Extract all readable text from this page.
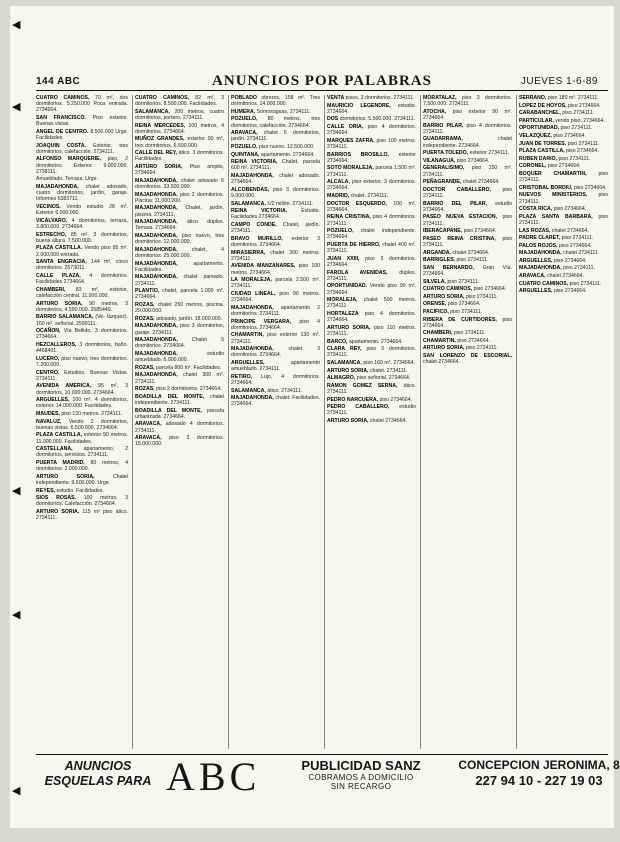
◀
◀
◀
◀
◀
144 ABC	ANUNCIOS POR PALABRAS	JUEVES 1-6-89

CUATRO CAMINOS, 70 m², dos dormitorios. 5.250.000 Poca entrada. 2734664.

SAN FRANCISCO. Piso exterior. Buenas vistas.

ANGEL DE CENTRO. 8.500.000 Urge. Facilidades.

JOAQUIN COSTA. Exterior, tres dormitorios, calefacción. 2734111.

ALFONSO MARQUERIE, piso, 2 dormitorios. Exterior. 9.000.000. 2738111.

Amueblado. Terraza. Urge.

MAJADAHONDA, chalet adosado, cuatro dormitorios, jardín, garaje. Informes 6383711.

VECINOS. Vendo estudio 28 m². Exterior 6.000.000.

VICÁLVARO, 4 dormitorios, terraza, 3.800.000. 2734664.

ESTRECHO, 85 m², 3 dormitorios, buena altura. 7.500.000.

PLAZA CASTILLA. Vendo piso 95 m². 2.000.000 entrada.

SANTA ENGRACIA, 144 m², cinco dormitorios. 2573011.

CALLE PLAZA, 4 dormitorios. Facilidades 2734664.

CHAMBERI, 83 m², exterior, calefacción central. 11.000.000.

ARTURO SORIA, 90 metros, 3 dormitorios, 4.590.000. 2585449.

BARRIO SALAMANCA, (Ve- lázquez). 160 m², señorial. 2590111.

OCAÑON, Vía Bellido, 3 dormitorios. 2734664.

HEZCALLEROS, 3 dormitorios, baño. 4468401.

LUCERO, piso nuevo, tres dormitorios. 7.200.000.

CENTRO. Estudios. Buenas Vistas. 2734111.

AVENIDA AMERICA, 95 m², 3 dormitorios, 10.000.000. 2734664.

ARGUELLES, 100 m², 4 dormitorios, exterior. 14.000.000. Facilidades.

MAUDES, piso 120 metros. 2734111.

NAVALUZ, Vendo 2 dormitorios, buenas vistas. 6.500.000. 2734664.

PLAZA CASTILLA, exterior 90 metros. 11.000.000. Facilidades.

CASTELLANA, apartamento, 2 dormitorios, servicios. 2734111.

PUERTA MADRID, 80 metros, 4 dormitorios. 2.000.000.

ARTURO SORIA,	Chalet independiente. 9.500.000. Urge.

REYES, estudio. Facilidades.

SIOS ROSAS, 100 metros, 3 dormitorios. Calefacción. 2734664.

ARTURO SORIA, 115 m² piso ático. 2734111.

CUATRO CAMINOS, 82 m², 3 dormitorios, 8.500.000. Facilidades.

SALAMANCA, 200 metros, cuatro dormitorios, portero. 2734111.

REINA MERCEDES, 100 metros, 4 dormitorios. 2734664.

MUÑOZ GRANDES, exterior 90 m², tres dormitorios. 6.500.000.

CALLE DEL REY, ático. 3 dormitorios. Facilidades.

ARTURO SORIA, Piso amplio, 2734664.

MAJADAHONDA, chalet adosado 6 dormitorios. 33.500.000.

MAJADAHONDA, piso 2 dormitorios. Piscina. 11.000.000.

MAJADAHONDA, Chalet, jardín, piscina. 2734111.

MAJADAHONDA, ático dúplex. Terraza. 2734664.

MAJADAHONDA, piso nuevo, tres dormitorios. 12.000.000.

MAJADAHONDA,	chalet, 4 dormitorios. 25.000.000.

MAJADAHONDA,	apartamento. Facilidades.

MAJADAHONDA, chalet pareado. 2734111.

PLANTIO, chalet, parcela 1.000 m². 2734664.

ROZAS, chalet 250 metros, piscina. 29.000.000.

ROZAS, adosado, jardín. 18.000.000.

MAJADAHONDA, piso 3 dormitorios, garaje. 2734111.

MAJADAHONDA,	Chalet 5 dormitorios. 2734664.

MAJADAHONDA,	estudio amueblado. 6.000.000.

ROZAS, parcela 800 m². Facilidades.

MAJADAHONDA, chalet 300 m². 2734111.

ROZAS, piso 2 dormitorios. 2734664.

BOADILLA DEL MONTE, chalet independiente. 2734111.

BOADILLA DEL MONTE, parcela urbanizada. 2734664.

ARAVACA, adosado 4 dormitorios. 2734111.

ARAVACA, piso 3 dormitorios. 15.000.000.

POBLADO obreros, 158 m². Tres dormitorios. 14.000.000.

HUMERA. Somosaguas, 2734111.

POZUELO, 80 metros, tres dormitorios, calefacción. 2734664.

ARAVACA, chalet 5 dormitorios, jardín. 2734111.

POZUELO, piso nuevo. 12.500.000.

QUINTANA, apartamento. 2734664.

REINA VICTORIA, Chalet, parcela 600 m². 2734111.

MAJADAHONDA, chalet adosado. 2734664.

ALCOBENDAS, piso 3 dormitorios. 9.000.000.

SALAMANCA, 1/2 millón. 2734111.

REINA VICTORIA,	Estudio. Facilidades 2734664.

CAMPO CONDE, Chalet, jardín. 2734111.

BRAVO MURILLO, exterior 3 dormitorios. 2734664.

MIRASIERRA, chalet 300 metros. 2734111.

AVENIDA MANZANARES, piso 100 metros. 2734664.

LA MORALEJA, parcela 2.500 m². 2734111.

CIUDAD LINEAL, piso 90 metros. 2734664.

MAJADAHONDA, apartamento 2 dormitorios. 2734111.

PRINCIPE VERGARA, piso 4 dormitorios. 2734664.

CHAMARTIN, piso exterior 130 m². 2734111.

MAJADAHONDA,	chalet 3 dormitorios. 2734664.

ARGUELLES,	apartamento amueblado. 2734111.

RETIRO, Lujo, 4 dormitorios. 2734664.

SALAMANCA, ático. 2734111.

MAJADAHONDA, chalet. Facilidades. 2734664.

VENTA pisos, 3 dormitorios. 2734111.

MAURICIO LEGENDRE, estudio. 2734664.

DOS dormitorios. 5.500.000. 2734111.

CALLE ORIA, piso 4 dormitorios. 2734664.

MARQUES ZAFRA, piso 100 metros. 2734111.

BARRIOS BROSILLO, exterior 2734664.

SOTO MORALEJA, parcela 1.500 m². 2734111.

ALCALA, piso exterior, 3 dormitorios. 2734664.

MADRID, chalet. 2734111.

DOCTOR ESQUERDO, 100 m². 2734664.

REINA CRISTINA, piso 4 dormitorios. 2734111.

POZUELO, chalet independiente. 2734664.

PUERTA DE HIERRO, chalet 400 m². 2734111.

JUAN XXIII, piso 3 dormitorios. 2734664.

FAROLA AVENIDAS, dúplex. 2734111.

OPORTUNIDAD. Vendo piso 90 m². 2734664.

MORALEJA, chalet 500 metros. 2734111.

HORTALEZA piso 4 dormitorios. 2734664.

ARTURO SORIA, piso 110 metros. 2734111.

BARCO, apartamento. 2734664.

CLARA REY, piso 3 dormitorios. 2734111.

SALAMANCA, piso 160 m². 2734664.

ARTURO SORIA, chalet. 2734111.

ALMAGRO, piso señorial. 2734664.

RAMON GOMEZ SERNA, ático. 2734111.

PEDRO NARCUERA, piso 2734664.

PEDRO CABALLERO, estudio 2734111.

ARTURO SORIA, chalet 2734664.

MORATALAZ, piso 3 dormitorios. 7.500.000. 2734111.

ATOCHA, piso exterior 90 m². 2734664.

BARRIO PILAR, piso 4 dormitorios. 2734111.

GUADARRAMA,	chalet independiente. 2734664.

PUERTA TOLEDO, exterior 2734111.

VILANAGUA, piso 2734664.

GENERALISIMO, piso 150 m². 2734111.

PEÑAGRANDE, chalet 2734664.

DOCTOR CABALLERO, piso 2734111.

BARRIO DEL PILAR, estudio 2734664.

PASEO NUEVA ESTACION, piso 2734111.

IBERACAPANE, piso 2734664.

PASEO REINA CRISTINA, piso 2734111.

ARGANDA, chalet 2734664.

BARRIGLES, piso 2734111.

SAN BERNARDO, Gran Vía. 2734664.

SILVELA, piso 2734111.

CUATRO CAMINOS, piso 2734664.

ARTURO SORIA, piso 2734111.

ORENSE, piso 2734664.

PACIFICO, piso 2734111.

RIBERA DE CURTIDORES, piso 2734664.

CHAMBERI, piso 2734111.

CHAMARTIN, piso 2734664.

ARTURO SORIA, piso 2734111.

SAN LORENZO DE ESCORIAL, chalet 2734664.

SERRANO, piso 180 m². 2734111.

LOPEZ DE HOYOS, piso 2734664.

CARABANCHEL, piso 2734111.

PARTICULAR, vendo piso. 2734664.

OPORTUNIDAD, piso 2734111.

VELAZQUEZ, piso 2734664.

JUAN DE TORRES, piso 2734111.

PLAZA CASTILLA, piso 2734664.

RUBEN DARIO, piso 2734111.

CORONEL, piso 2734664.

BOQUER CHAMARTIN, piso 2734111.

CRISTOBAL BORDIU, piso 2734664.

NUEVOS MINISTERIOS, piso 2734111.

COSTA RICA, piso 2734664.

PLAZA SANTA BARBARA, piso 2734111.

LAS ROZAS, chalet 2734664.

PADRE CLARET, piso 2734111.

PALOS ROJOS, piso 2734664.

MAJADAHONDA, chalet 2734111.

ARGUELLES, piso 2734664.

MAJADAHONDA, piso 2734111.

ARAVACA, chalet 2734664.

CUATRO CAMINOS, piso 2734111.

ARGUELLES, piso 2734664.

ANUNCIOS
ESQUELAS PARA ABC	PUBLICIDAD SANZ
COBRAMOS A DOMICILIO
SIN RECARGO
CONCEPCION JERONIMA, 8
227 94 10 - 227 19 03
